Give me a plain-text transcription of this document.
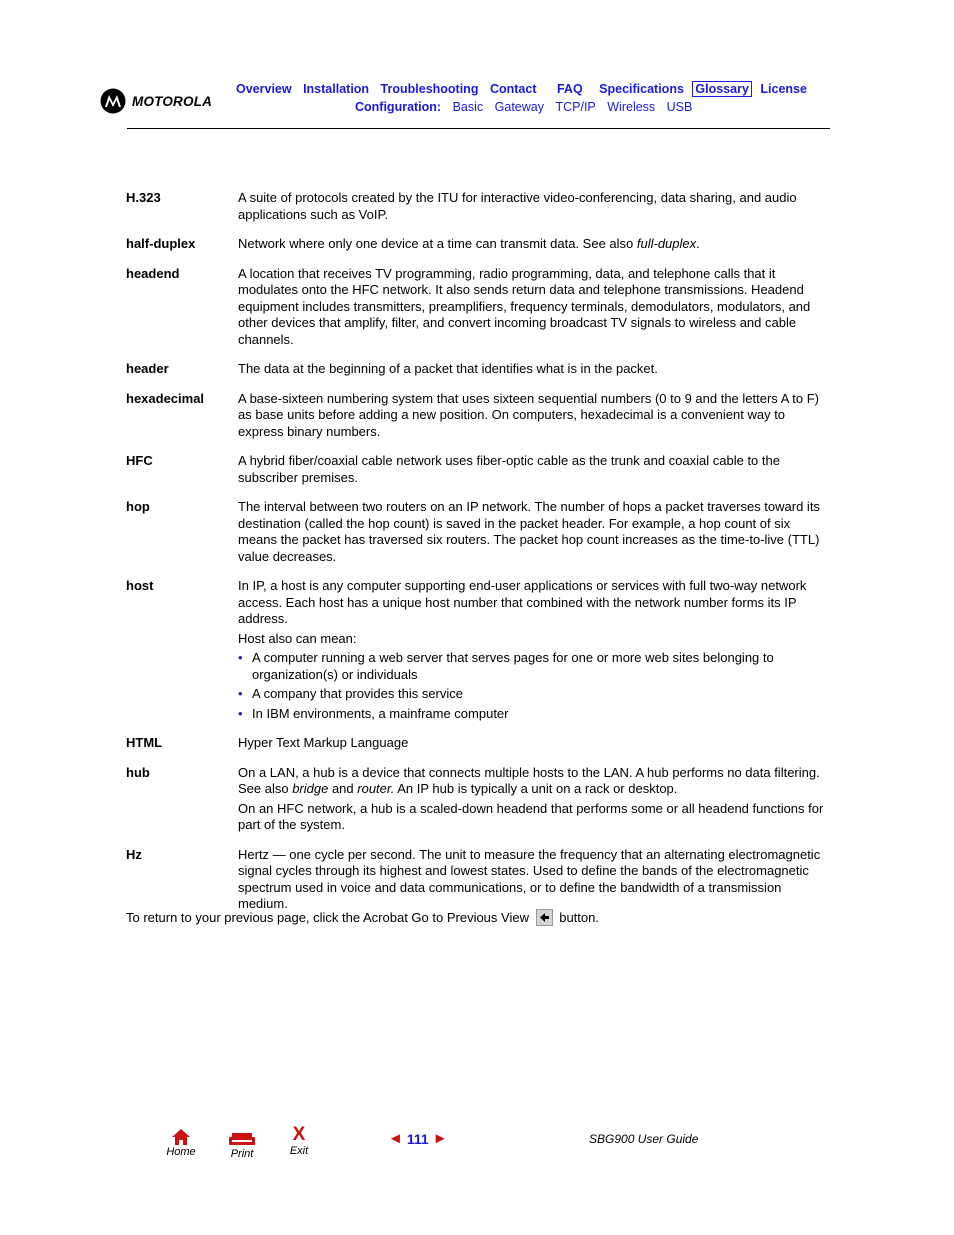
MOTOROLA
Overview Installation Troubleshooting Contact FAQ Specifications Glossary License
Configuration: Basic Gateway TCP/IP Wireless USB
H.323	A suite of protocols created by the ITU for interactive video-conferencing, data sharing, and audio applications such as VoIP.

half-duplex	Network where only one device at a time can transmit data. See also full-duplex.

headend	A location that receives TV programming, radio programming, data, and telephone calls that it modulates onto the HFC network. It also sends return data and telephone transmissions. Headend equipment includes transmitters, preamplifiers, frequency terminals, demodulators, modulators, and other devices that amplify, filter, and convert incoming broadcast TV signals to wireless and cable channels.

header	The data at the beginning of a packet that identifies what is in the packet.

hexadecimal	A base-sixteen numbering system that uses sixteen sequential numbers (0 to 9 and the letters A to F) as base units before adding a new position. On computers, hexadecimal is a convenient way to express binary numbers.

HFC	A hybrid fiber/coaxial cable network uses fiber-optic cable as the trunk and coaxial cable to the subscriber premises.

hop	The interval between two routers on an IP network. The number of hops a packet traverses toward its destination (called the hop count) is saved in the packet header. For example, a hop count of six means the packet has traversed six routers. The packet hop count increases as the time-to-live (TTL) value decreases.

host	In IP, a host is any computer supporting end-user applications or services with full two-way network access. Each host has a unique host number that combined with the network number forms its IP address.

Host also can mean:

• A computer running a web server that serves pages for one or more web sites belonging to organization(s) or individuals
• A company that provides this service
• In IBM environments, a mainframe computer
HTML	Hyper Text Markup Language

hub	On a LAN, a hub is a device that connects multiple hosts to the LAN. A hub performs no data filtering. See also bridge and router. An IP hub is typically a unit on a rack or desktop.

On an HFC network, a hub is a scaled-down headend that performs some or all headend functions for part of the system.

Hz	Hertz — one cycle per second. The unit to measure the frequency that an alternating electromagnetic signal cycles through its highest and lowest states. Used to define the bands of the electromagnetic spectrum used in voice and data communications, or to define the bandwidth of a transmission medium.

To return to your previous page, click the Acrobat Go to Previous View button.
Home	Print
X
Exit
◄ 111 ►	SBG900 User Guide
